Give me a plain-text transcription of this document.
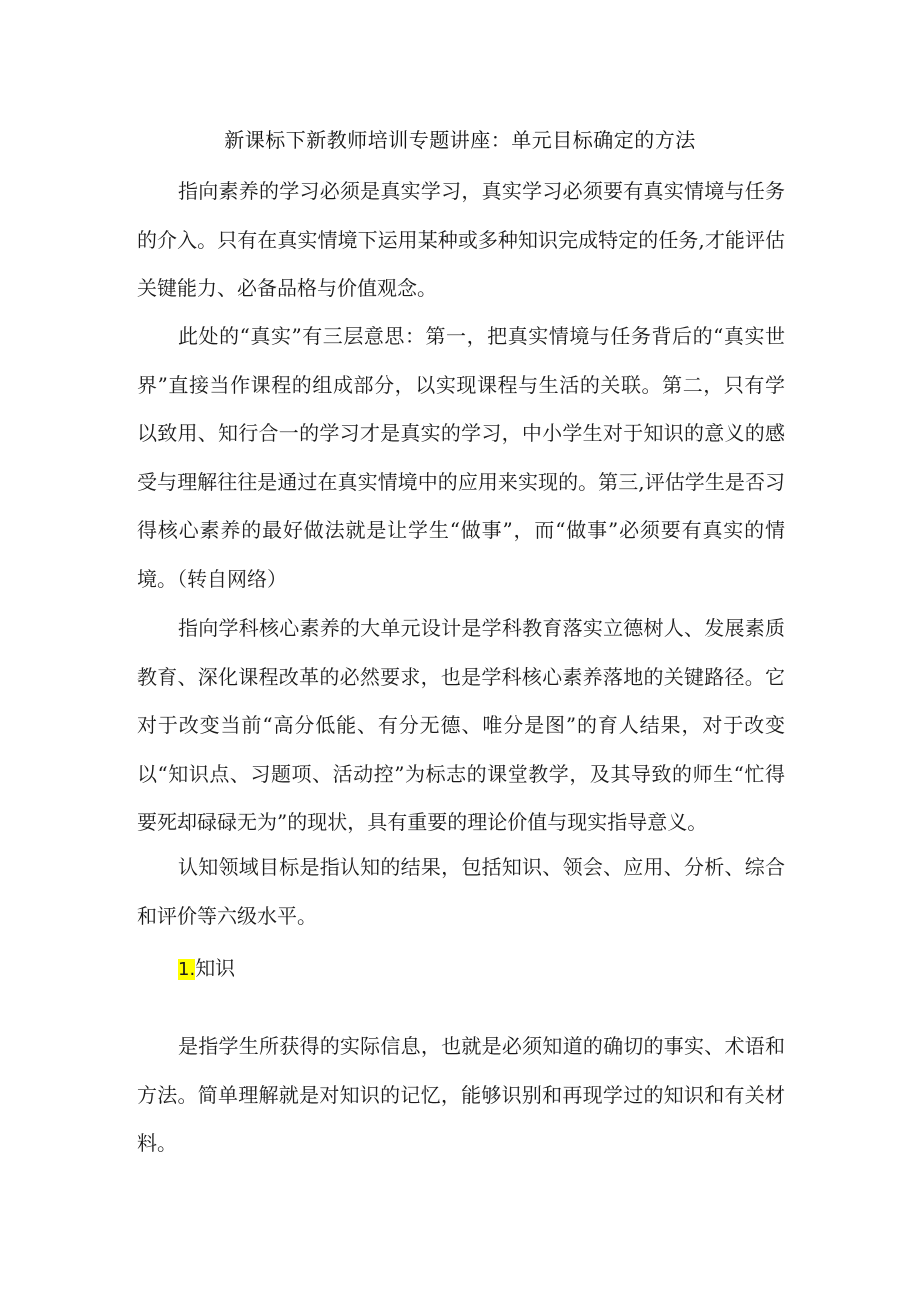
新课标下新教师培训专题讲座：单元目标确定的方法

指向素养的学习必须是真实学习，真实学习必须要有真实情境与任务的介入。只有在真实情境下运用某种或多种知识完成特定的任务,才能评估关键能力、必备品格与价值观念。

此处的“真实”有三层意思：第一，把真实情境与任务背后的“真实世界”直接当作课程的组成部分，以实现课程与生活的关联。第二，只有学以致用、知行合一的学习才是真实的学习，中小学生对于知识的意义的感受与理解往往是通过在真实情境中的应用来实现的。第三,评估学生是否习得核心素养的最好做法就是让学生“做事”，而“做事”必须要有真实的情境。（转自网络）

指向学科核心素养的大单元设计是学科教育落实立德树人、发展素质教育、深化课程改革的必然要求，也是学科核心素养落地的关键路径。它对于改变当前“高分低能、有分无德、唯分是图”的育人结果，对于改变以“知识点、习题项、活动控”为标志的课堂教学，及其导致的师生“忙得要死却碌碌无为”的现状，具有重要的理论价值与现实指导意义。

认知领域目标是指认知的结果，包括知识、领会、应用、分析、综合和评价等六级水平。

1.知识

是指学生所获得的实际信息，也就是必须知道的确切的事实、术语和方法。简单理解就是对知识的记忆，能够识别和再现学过的知识和有关材料。
